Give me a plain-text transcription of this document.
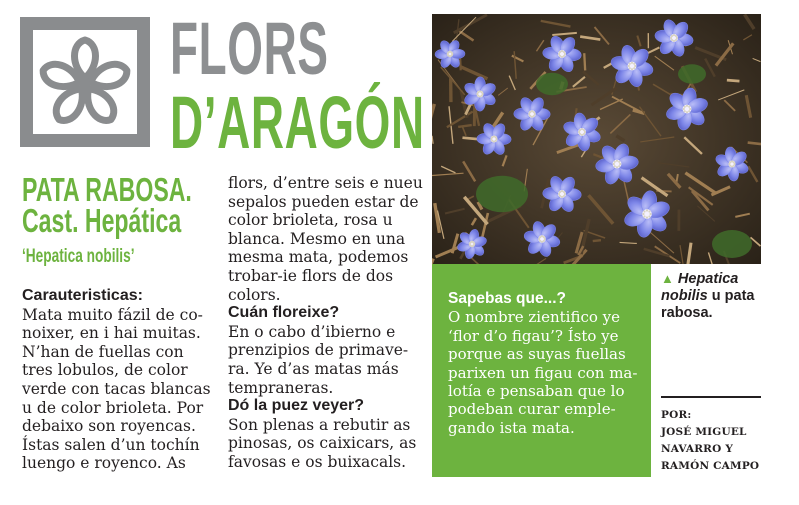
FLORS
D’ARAGÓN
PATA RABOSA.
Cast. Hepática
‘Hepatica nobilis’

Carauteristicas:

Mata muito fázil de co-

noixer, en i hai muitas.

N’han de fuellas con

tres lobulos, de color

verde con tacas blancas

u de color brioleta. Por

debaixo son royencas.

Ístas salen d’un tochín

luengo e royenco. As

flors, d’entre seis e nueu

sepalos pueden estar de

color brioleta, rosa u

blanca. Mesmo en una

mesma mata, podemos

trobar-ie flors de dos

colors.

Cuán floreixe?

En o cabo d’ibierno e

prenzipios de primave-

ra. Ye d’as matas más

tempraneras.

Dó la puez veyer?

Son plenas a rebutir as

pinosas, os caixicars, as

favosas e os buixacals.

Sapebas que...?

O nombre zientifico ye

‘flor d’o figau’? Ísto ye

porque as suyas fuellas

parixen un figau con ma-

lotía e pensaban que lo

podeban curar emple-

gando ista mata.

▲ Hepatica

nobilis u pata

rabosa.

POR:

JOSÉ MIGUEL

NAVARRO Y

RAMÓN CAMPO
